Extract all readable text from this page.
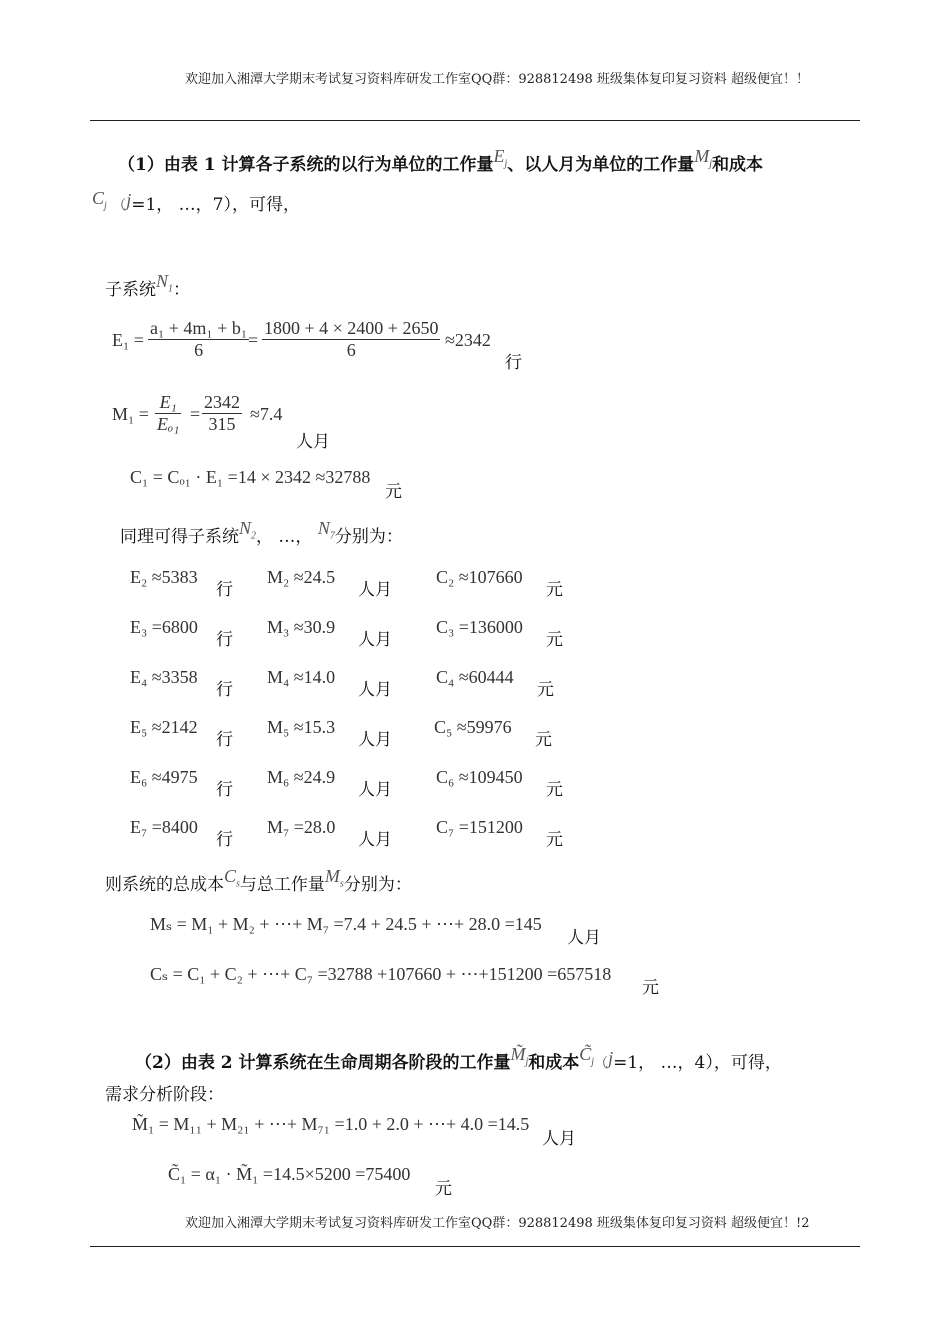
欢迎加入湘潭大学期末考试复习资料库研发工作室QQ群：928812498 班级集体复印复习资料 超级便宜！！
（1）由表 1 计算各子系统的以行为单位的工作量$E_j$、以人月为单位的工作量$M_j$和成本
$C_j$ （j=1， …，7），可得，
子系统$N_1$：
$E_1 = \frac{\text{a₁ + 4m₁ + b₁}}{6}$
= $\frac{1800 + 4 \times 2400 + 2650}{6} \approx 2342$
行
$M_1 = \frac{\text{E₁}}{\text{Eₒ₁}} = \frac{2342}{315} \approx 7.4$
人月
C₁ = Cₒ₁ · E₁ =14 × 2342 ≈32788
元
同理可得子系统$N_2$， …， $N_7$分别为：
E₂ ≈5383
行
M₂ ≈24.5
人月
C₂ ≈107660
元
E₃ =6800
行
M₃ ≈30.9
人月
C₃ =136000
元
E₄ ≈3358
行
M₄ ≈14.0
人月
C₄ ≈60444
元
E₅ ≈2142
行
M₅ ≈15.3
人月
C₅ ≈59976
元
E₆ ≈4975
行
M₆ ≈24.9
人月
C₆ ≈109450
元
E₇ =8400
行
M₇ =28.0
人月
C₇ =151200
元
则系统的总成本$C_s$与总工作量$M_s$分别为：
Mₛ = M₁ + M₂ + ⋯+ M₇ =7.4 + 24.5 + ⋯+ 28.0 =145
人月
Cₛ = C₁ + C₂ + ⋯+ C₇ =32788 +107660 + ⋯+151200 =657518
元
（2）由表 2 计算系统在生命周期各阶段的工作量$M̃_j$和成本$C̃_j(j=1$， …，4），可得，
需求分析阶段：
M̃₁ = M₁₁ + M₂₁ + ⋯+ M₇₁ =1.0 + 2.0 + ⋯+ 4.0 =14.5
人月
C̃₁ = α₁ · M̃₁ =14.5×5200 =75400
元
欢迎加入湘潭大学期末考试复习资料库研发工作室QQ群：928812498 班级集体复印复习资料 超级便宜！!2
